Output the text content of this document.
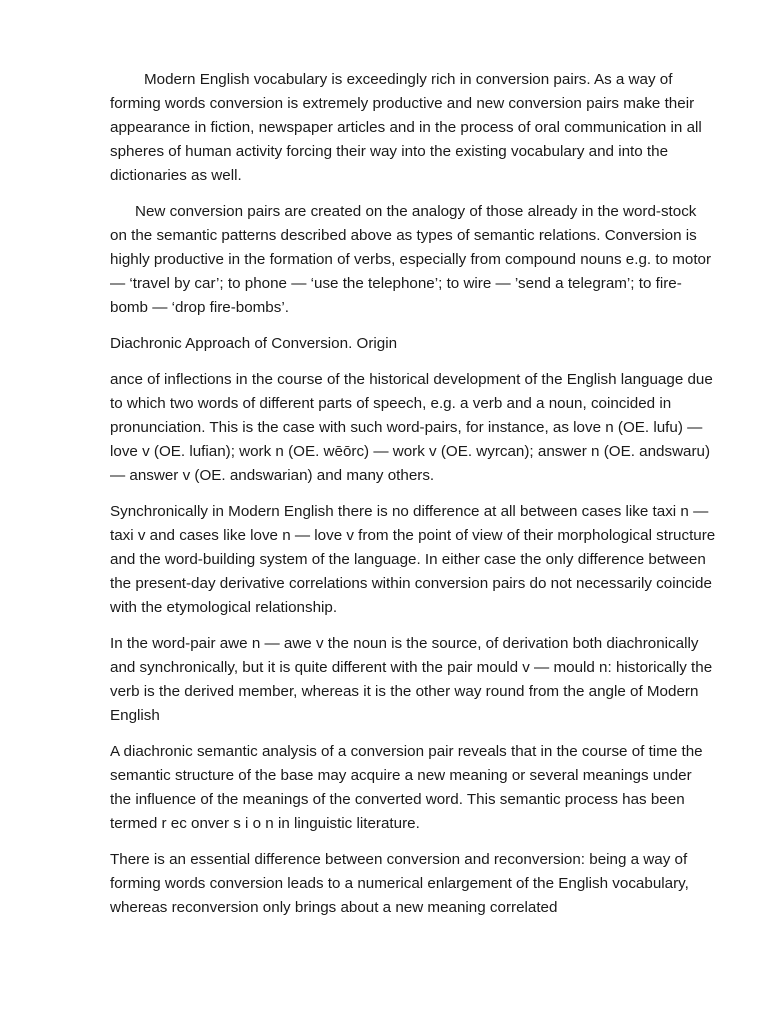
Modern English vocabulary is exceedingly rich in conversion pairs. As a way of forming words conversion is extremely productive and new conversion pairs make their appearance in fiction, newspaper articles and in the process of oral communication in all spheres of human activity forcing their way into the existing vocabulary and into the dictionaries as well.

New conversion pairs are created on the analogy of those already in the word-stock on the semantic patterns described above as types of semantic relations. Conversion is highly productive in the formation of verbs, especially from compound nouns e.g. to motor — ‘travel by car’; to phone — ‘use the telephone’; to wire — ’send a telegram’; to fire-bomb — ‘drop fire-bombs’.

Diachronic Approach of Conversion. Origin

ance of inflections in the course of the historical development of the English language due to which two words of different parts of speech, e.g. a verb and a noun, coincided in pronunciation. This is the case with such word-pairs, for instance, as love n (OE. lufu) — love v (OE. lufian); work n (OE. wēōrc) — work v (OE. wyrcan); answer n (OE. andswaru) — answer v (OE. andswarian) and many others.

Synchronically in Modern English there is no difference at all between cases like taxi n — taxi v and cases like love n — love v from the point of view of their morphological structure and the word-building system of the language. In either case the only difference between the present-day derivative correlations within conversion pairs do not necessarily coincide with the etymological relationship.

In the word-pair awe n — awe v the noun is the source, of derivation both diachronically and synchronically, but it is quite different with the pair mould v — mould n: historically the verb is the derived member, whereas it is the other way round from the angle of Modern English

A diachronic semantic analysis of a conversion pair reveals that in the course of time the semantic structure of the base may acquire a new meaning or several meanings under the influence of the meanings of the converted word. This semantic process has been termed r ec onver s i o n in linguistic literature.

There is an essential difference between conversion and reconversion: being a way of forming words conversion leads to a numerical enlargement of the English vocabulary, whereas reconversion only brings about a new meaning correlated
